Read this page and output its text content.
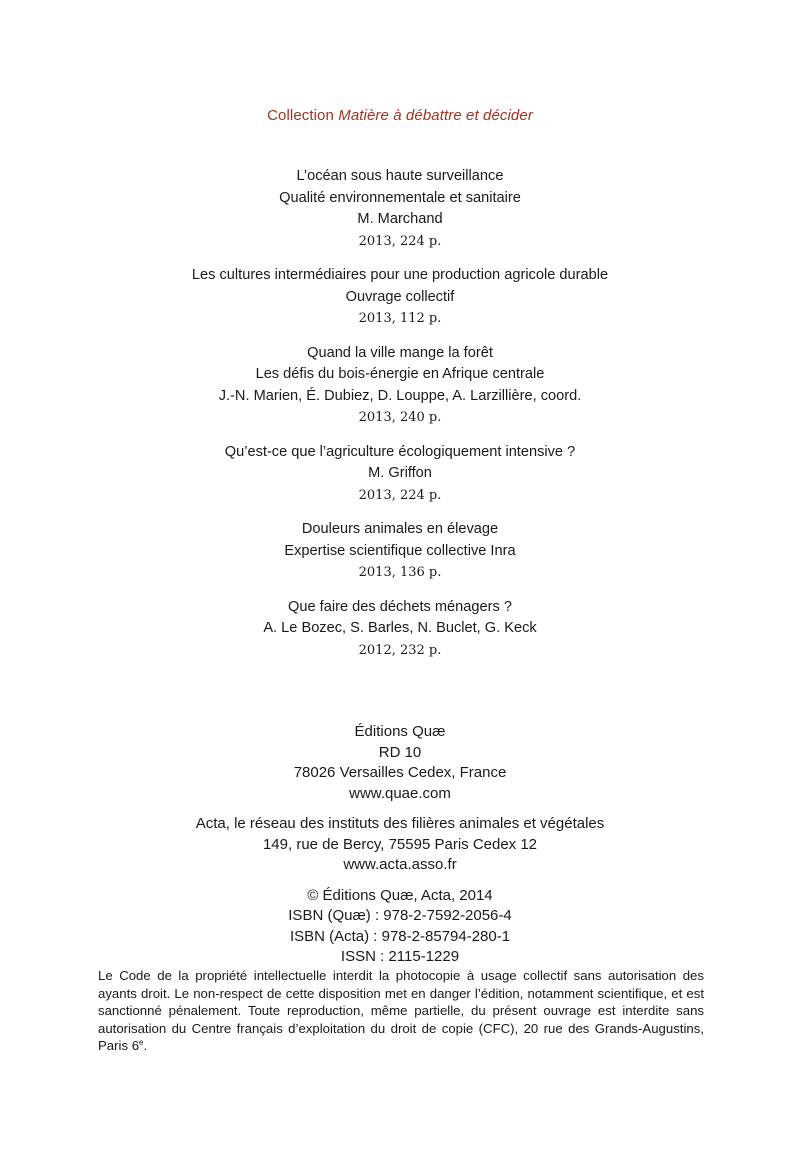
Collection Matière à débattre et décider
L’océan sous haute surveillance
Qualité environnementale et sanitaire
M. Marchand
2013, 224 p.
Les cultures intermédiaires pour une production agricole durable
Ouvrage collectif
2013, 112 p.
Quand la ville mange la forêt
Les défis du bois-énergie en Afrique centrale
J.-N. Marien, É. Dubiez, D. Louppe, A. Larzillière, coord.
2013, 240 p.
Qu’est-ce que l’agriculture écologiquement intensive ?
M. Griffon
2013, 224 p.
Douleurs animales en élevage
Expertise scientifique collective Inra
2013, 136 p.
Que faire des déchets ménagers ?
A. Le Bozec, S. Barles, N. Buclet, G. Keck
2012, 232 p.
Éditions Quæ
RD 10
78026 Versailles Cedex, France
www.quae.com
Acta, le réseau des instituts des filières animales et végétales
149, rue de Bercy, 75595 Paris Cedex 12
www.acta.asso.fr
© Éditions Quæ, Acta, 2014
ISBN (Quæ) : 978-2-7592-2056-4
ISBN (Acta) : 978-2-85794-280-1
ISSN : 2115-1229
Le Code de la propriété intellectuelle interdit la photocopie à usage collectif sans autorisation des ayants droit. Le non-respect de cette disposition met en danger l’édition, notamment scientifique, et est sanctionné pénalement. Toute reproduction, même partielle, du présent ouvrage est interdite sans autorisation du Centre français d’exploitation du droit de copie (CFC), 20 rue des Grands-Augustins, Paris 6e.
